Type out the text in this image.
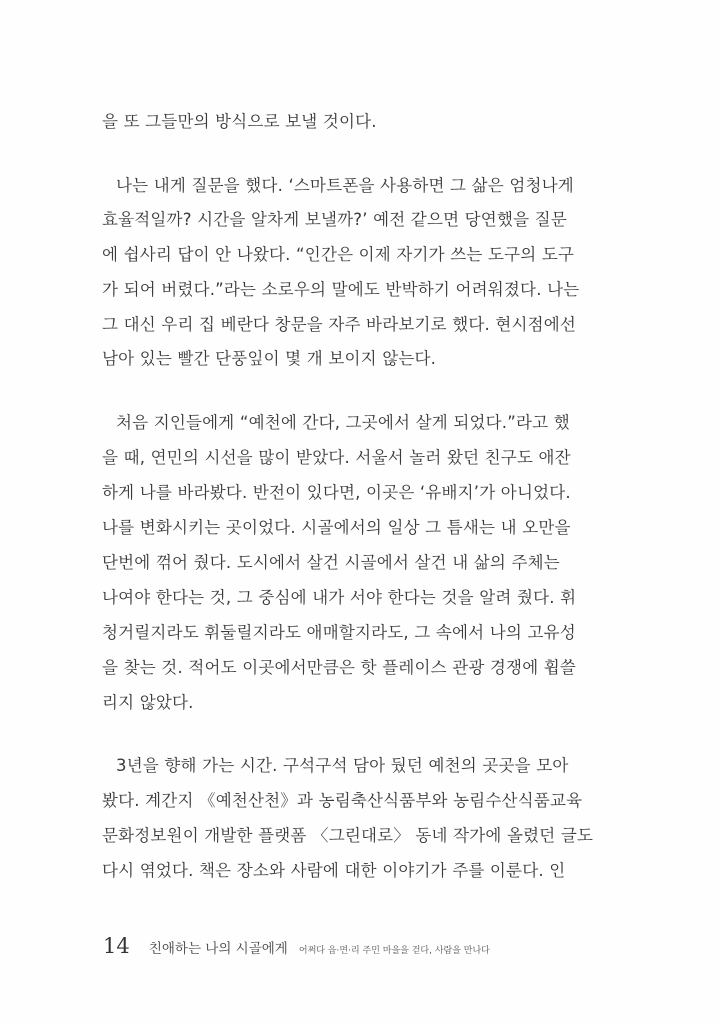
을 또 그들만의 방식으로 보낼 것이다.
나는 내게 질문을 했다. ‘스마트폰을 사용하면 그 삶은 엄청나게
효율적일까? 시간을 알차게 보낼까?’ 예전 같으면 당연했을 질문
에 쉽사리 답이 안 나왔다. “인간은 이제 자기가 쓰는 도구의 도구
가 되어 버렸다.”라는 소로우의 말에도 반박하기 어려워졌다. 나는
그 대신 우리 집 베란다 창문을 자주 바라보기로 했다. 현시점에선
남아 있는 빨간 단풍잎이 몇 개 보이지 않는다.
처음 지인들에게 “예천에 간다, 그곳에서 살게 되었다.”라고 했
을 때, 연민의 시선을 많이 받았다. 서울서 놀러 왔던 친구도 애잔
하게 나를 바라봤다. 반전이 있다면, 이곳은 ‘유배지’가 아니었다.
나를 변화시키는 곳이었다. 시골에서의 일상 그 틈새는 내 오만을
단번에 꺾어 줬다. 도시에서 살건 시골에서 살건 내 삶의 주체는
나여야 한다는 것, 그 중심에 내가 서야 한다는 것을 알려 줬다. 휘
청거릴지라도 휘둘릴지라도 애매할지라도, 그 속에서 나의 고유성
을 찾는 것. 적어도 이곳에서만큼은 핫 플레이스 관광 경쟁에 휩쓸
리지 않았다.
3년을 향해 가는 시간. 구석구석 담아 뒀던 예천의 곳곳을 모아
봤다. 계간지 《예천산천》과 농림축산식품부와 농림수산식품교육
문화정보원이 개발한 플랫폼 〈그린대로〉 동네 작가에 올렸던 글도
다시 엮었다. 책은 장소와 사람에 대한 이야기가 주를 이룬다. 인
14 친애하는 나의 시골에게 어쩌다 읍·면·리 주민 마을을 걷다, 사람을 만나다
